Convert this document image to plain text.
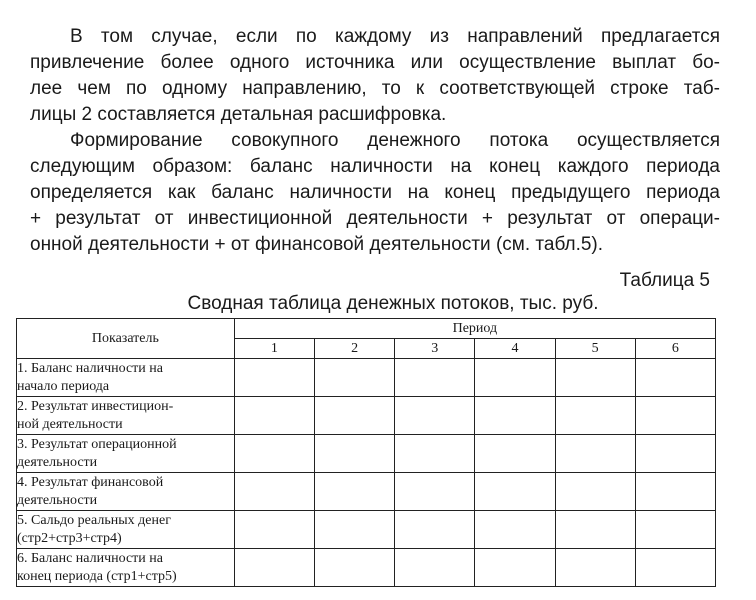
В том случае, если по каждому из направлений предлагается
привлечение более одного источника или осуществление выплат бо-
лее чем по одному направлению, то к соответствующей строке таб-
лицы 2 составляется детальная расшифровка.
Формирование совокупного денежного потока осуществляется
следующим образом: баланс наличности на конец каждого периода
определяется как баланс наличности на конец предыдущего периода
+ результат от инвестиционной деятельности + результат от операци-
онной деятельности + от финансовой деятельности (см. табл.5).
Таблица 5
Сводная таблица денежных потоков, тыс. руб.
Показатель	Период					
	1	2	3	4	5	6

1. Баланс наличности на
начало периода						

2. Результат инвестицион-
ной деятельности						

3. Результат операционной
деятельности						

4. Результат финансовой
деятельности						

5. Сальдо реальных денег
(стр2+стр3+стр4)						

6. Баланс наличности на
конец периода (стр1+стр5)						
